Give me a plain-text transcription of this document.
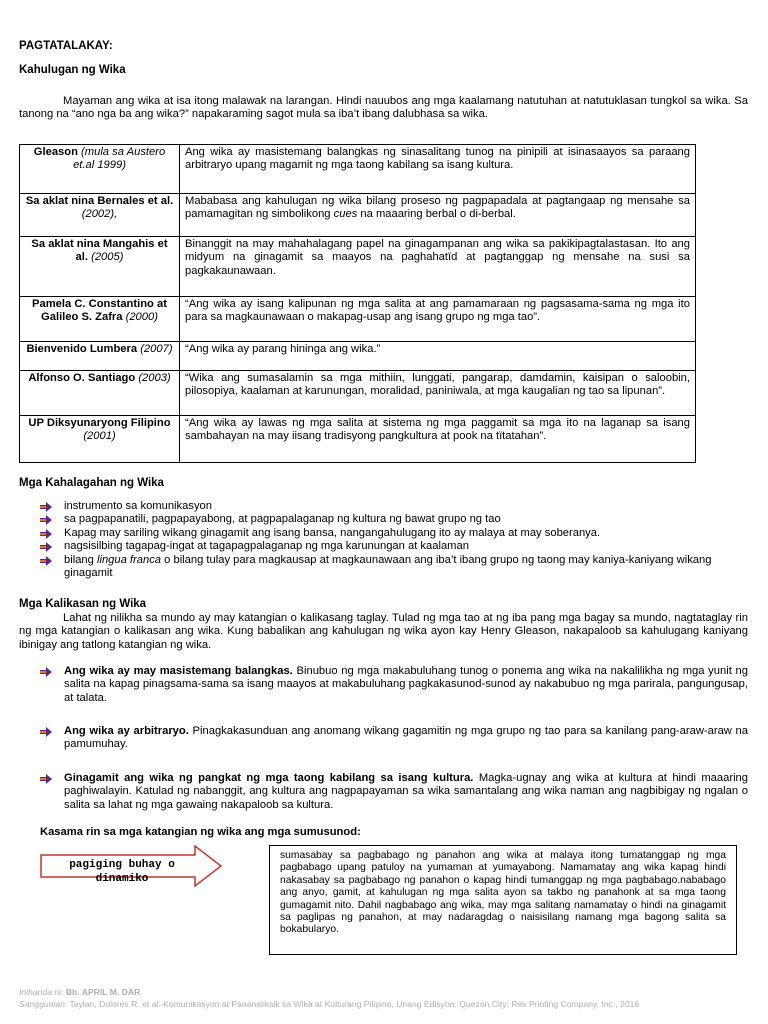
PAGTATALAKAY:
Kahulugan ng Wika
Mayaman ang wika at isa itong malawak na larangan. Hindi nauubos ang mga kaalamang natutuhan at natutuklasan tungkol sa wika. Sa tanong na “ano nga ba ang wika?” napakaraming sagot mula sa iba’t ibang dalubhasa sa wika.
Gleason (mula sa Austero et.al 1999)	Ang wika ay masistemang balangkas ng sinasalitang tunog na pinipili at isinasaayos sa paraang arbitraryo upang magamit ng mga taong kabilang sa isang kultura.
Sa aklat nina Bernales et al. (2002),	Mababasa ang kahulugan ng wika bilang proseso ng pagpapadala at pagtangaap ng mensahe sa pamamagitan ng simbolikong cues na maaaring berbal o di-berbal.
Sa aklat nina Mangahis et al. (2005)	Binanggit na may mahahalagang papel na ginagampanan ang wika sa pakikipagtalastasan. Ito ang midyum na ginagamit sa maayos na paghahatïd at pagtanggap ng mensahe na susi sa pagkakaunawaan.
Pamela C. Constantino at Galileo S. Zafra (2000)	“Ang wika ay isang kalipunan ng mga salita at ang pamamaraan ng pagsasama-sama ng mga ito para sa magkaunawaan o makapag-usap ang isang grupo ng mga tao”.
Bienvenido Lumbera (2007)	“Ang wika ay parang hininga ang wika.”
Alfonso O. Santiago (2003)	“Wika ang sumasalamin sa mga mithiin, lunggati, pangarap, damdamin, kaisipan o saloobin, pilosopiya, kaalaman at karunungan, moralidad, paniniwala, at mga kaugalian ng tao sa lipunan”.
UP Diksyunaryong Filipino (2001)	“Ang wika ay lawas ng mga salita at sistema ng mga paggamit sa mga ito na laganap sa isang sambahayan na may iisang tradisyong pangkultura at pook na tïtatahan”.
Mga Kahalagahan ng Wika
instrumento sa komunikasyon
sa pagpapanatili, pagpapayabong, at pagpapalaganap ng kultura ng bawat grupo ng tao
Kapag may sariling wikang ginagamit ang isang bansa, nangangahulugang ito ay malaya at may soberanya.
nagsisilbing tagapag-ingat at tagapagpalaganap ng mga karunungan at kaalaman
bilang lingua franca o bilang tulay para magkausap at magkaunawaan ang iba’t ibang grupo ng taong may kaniya-kaniyang wikang ginagamit
Mga Kalikasan ng Wika
Lahat ng nilikha sa mundo ay may katangian o kalikasang taglay. Tulad ng mga tao at ng iba pang mga bagay sa mundo, nagtataglay rin ng mga katangian o kalikasan ang wika. Kung babalikan ang kahulugan ng wika ayon kay Henry Gleason, nakapaloob sa kahulugang kaniyang ibinigay ang tatlong katangian ng wika.
Ang wika ay may masistemang balangkas. Binubuo ng mga makabuluhang tunog o ponema ang wika na nakalilikha ng mga yunit ng salita na kapag pinagsama-sama sa isang maayos at makabuluhang pagkakasunod-sunod ay nakabubuo ng mga parirala, pangungusap, at talata.
Ang wika ay arbitraryo. Pinagkakasunduan ang anomang wikang gagamitin ng mga grupo ng tao para sa kanilang pang-araw-araw na pamumuhay.
Ginagamit ang wika ng pangkat ng mga taong kabilang sa isang kultura. Magka-ugnay ang wika at kultura at hindi maaaring paghiwalayin. Katulad ng nabanggit, ang kultura ang nagpapayaman sa wika samantalang ang wika naman ang nagbibigay ng ngalan o salita sa lahat ng mga gawaing nakapaloob sa kultura.
Kasama rin sa mga katangian ng wika ang mga sumusunod:
pagiging buhay o dinamiko
sumasabay sa pagbabago ng panahon ang wika at malaya itong tumatanggap ng mga pagbabago upang patuloy na yumaman at yumayabong. Namamatay ang wika kapag hindi nakasabay sa pagbabago ng panahon o kapag hindi tumanggap ng mga pagbabago.nababago ang anyo, gamit, at kahulugan ng mga salita ayon sa takbo ng panahonk at sa mga taong gumagamit nito. Dahil nagbabago ang wika, may mga salitang namamatay o hindi na ginagamit sa paglipas ng panahon, at may nadaragdag o naisisilang namang mga bagong salita sa bokabularyo.
Inihanda ni: Bb. APRIL M. DAR
Sanggunian: Taylan, Dolores R. et al. Komunikasyon at Pananaliksik sa Wika at Kulturang Pilipino, Unang Edisyon. Quezon City: Rex Printing Company, Inc., 2016
